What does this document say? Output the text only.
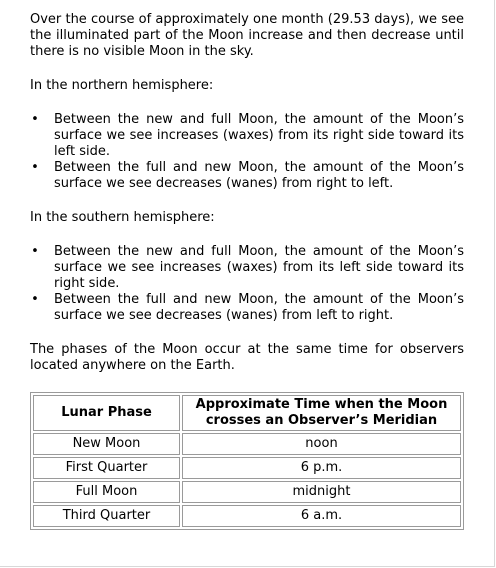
Over the course of approximately one month (29.53 days), we see the illuminated part of the Moon increase and then decrease until there is no visible Moon in the sky.

In the northern hemisphere:

• Between the new and full Moon, the amount of the Moon’s surface we see increases (waxes) from its right side toward its left side.
• Between the full and new Moon, the amount of the Moon’s surface we see decreases (wanes) from right to left.

In the southern hemisphere:

• Between the new and full Moon, the amount of the Moon’s surface we see increases (waxes) from its left side toward its right side.
• Between the full and new Moon, the amount of the Moon’s surface we see decreases (wanes) from left to right.

The phases of the Moon occur at the same time for observers located anywhere on the Earth.

Lunar Phase	Approximate Time when the Moon crosses an Observer’s Meridian
New Moon	noon
First Quarter	6 p.m.
Full Moon	midnight
Third Quarter	6 a.m.
